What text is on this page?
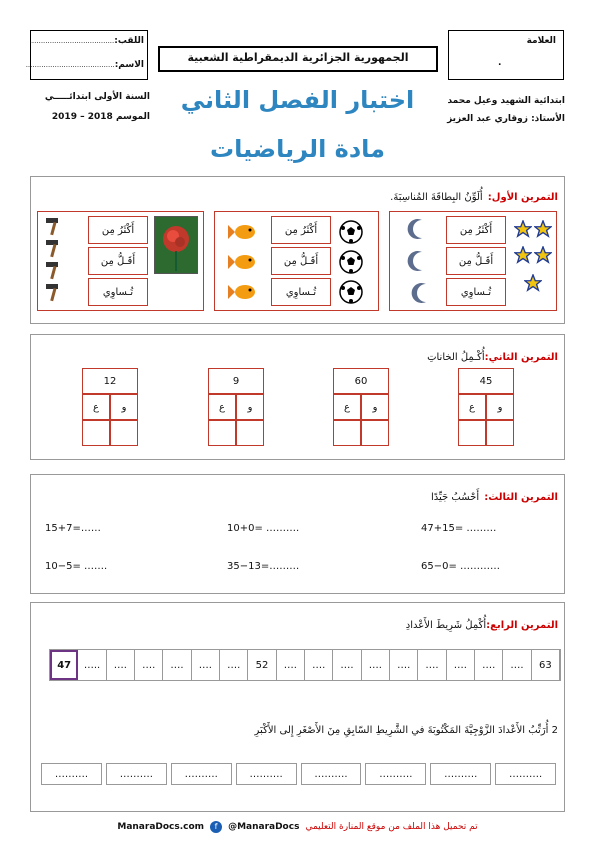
اللقب:......................................
الاسم:........................................
الجمهورية الجزائرية الديمقراطية الشعبية
العلامة
.
السنة الأولى ابتدائـــــي
الموسم 2018 – 2019
اختبار الفصل الثاني
مادة الرياضيات
ابتدائية الشهيد وعيل محمد
الأستاذ: زوقاري عبد العزيز
التمرين الأول: أُلَوِّنُ البِطاقَةَ المُناسِبَةَ.
أَكْثَرُ مِن
أَقَـلُّ مِن
تُـساوِي
أَكْثَرُ مِن
أَقَـلُّ مِن
تُـساوِي
أَكْثَرُ مِن
أَقَـلُّ مِن
تُـساوِي
التمرين الثاني:أُكْـمِلُ الخاناتِ
45
و
ع
60
و
ع
9
و
ع
12
و
ع
التمرين الثالث: أَحْسُبُ جَيِّدًا
47+15= ………
10+0= ……….
15+7=……
65−0= …………
35−13=………
10−5= …….
التمرين الرابع:أُكْمِلُ شَرِيطَ الأَعْدادِ
63
….
….
….
….
….
….
….
….
….
52
….
….
….
….
….
…..
47
2 أُرَتِّبُ الأَعْدادَ الزَّوْجِيَّةَ المَكْتُوبَةَ في الشَّرِيطِ السّابِقِ مِنَ الأَصْغَرِ إِلى الأَكْبَرِ
……….	……….	……….	……….	……….	……….	……….	……….
ManaraDocs.com	f	@ManaraDocs تم تحميل هذا الملف من موقع المنارة التعليمي
